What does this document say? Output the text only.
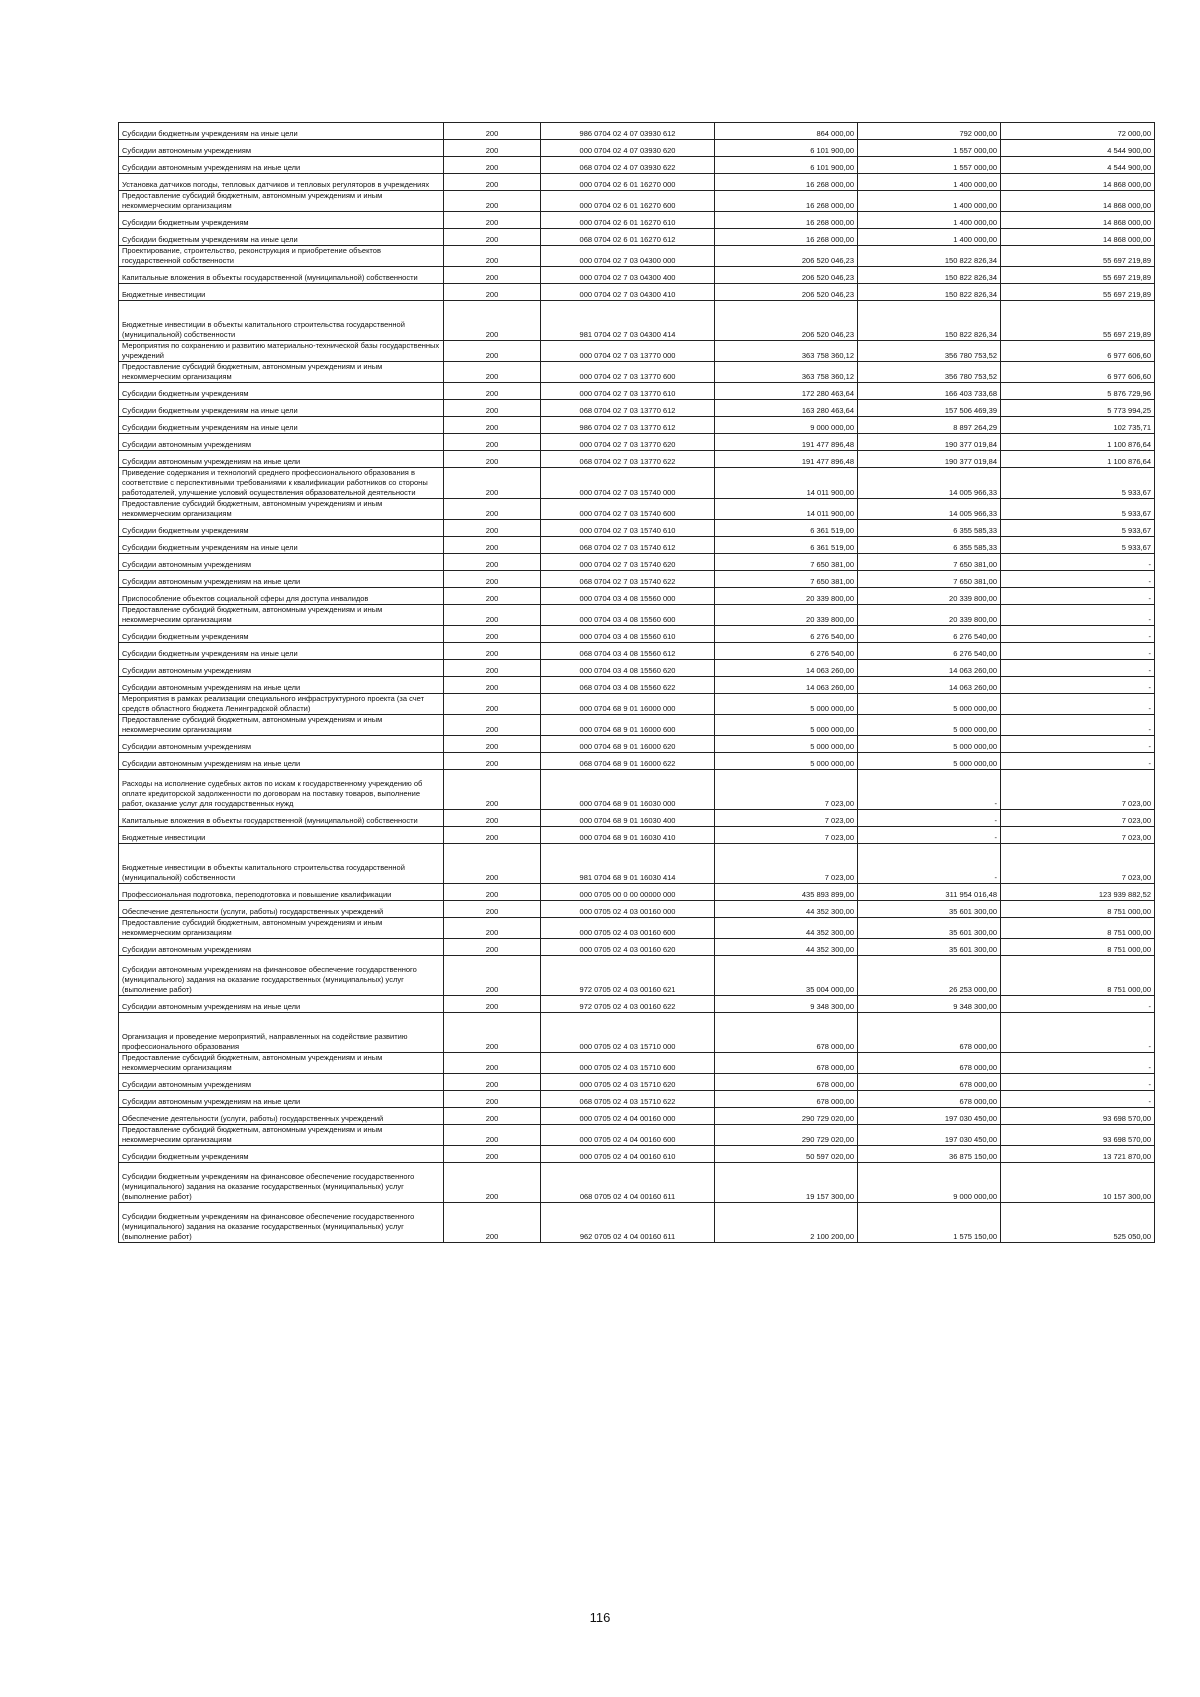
Субсидии бюджетным учреждениям на иные цели	200	986 0704 02 4 07 03930 612	864 000,00	792 000,00	72 000,00
Субсидии автономным учреждениям	200	000 0704 02 4 07 03930 620	6 101 900,00	1 557 000,00	4 544 900,00
Субсидии автономным учреждениям на иные цели	200	068 0704 02 4 07 03930 622	6 101 900,00	1 557 000,00	4 544 900,00
Установка датчиков погоды, тепловых датчиков и тепловых регуляторов в учреждениях	200	000 0704 02 6 01 16270 000	16 268 000,00	1 400 000,00	14 868 000,00
Предоставление субсидий бюджетным, автономным учреждениям и иным некоммерческим организациям	200	000 0704 02 6 01 16270 600	16 268 000,00	1 400 000,00	14 868 000,00
Субсидии бюджетным учреждениям	200	000 0704 02 6 01 16270 610	16 268 000,00	1 400 000,00	14 868 000,00
Субсидии бюджетным учреждениям на иные цели	200	068 0704 02 6 01 16270 612	16 268 000,00	1 400 000,00	14 868 000,00
Проектирование, строительство, реконструкция и приобретение объектов государственной собственности	200	000 0704 02 7 03 04300 000	206 520 046,23	150 822 826,34	55 697 219,89
Капитальные вложения в объекты государственной (муниципальной) собственности	200	000 0704 02 7 03 04300 400	206 520 046,23	150 822 826,34	55 697 219,89
Бюджетные инвестиции	200	000 0704 02 7 03 04300 410	206 520 046,23	150 822 826,34	55 697 219,89
Бюджетные инвестиции в объекты капитального строительства государственной (муниципальной) собственности	200	981 0704 02 7 03 04300 414	206 520 046,23	150 822 826,34	55 697 219,89
Мероприятия по сохранению и развитию материально-технической базы государственных учреждений	200	000 0704 02 7 03 13770 000	363 758 360,12	356 780 753,52	6 977 606,60
Предоставление субсидий бюджетным, автономным учреждениям и иным некоммерческим организациям	200	000 0704 02 7 03 13770 600	363 758 360,12	356 780 753,52	6 977 606,60
Субсидии бюджетным учреждениям	200	000 0704 02 7 03 13770 610	172 280 463,64	166 403 733,68	5 876 729,96
Субсидии бюджетным учреждениям на иные цели	200	068 0704 02 7 03 13770 612	163 280 463,64	157 506 469,39	5 773 994,25
Субсидии бюджетным учреждениям на иные цели	200	986 0704 02 7 03 13770 612	9 000 000,00	8 897 264,29	102 735,71
Субсидии автономным учреждениям	200	000 0704 02 7 03 13770 620	191 477 896,48	190 377 019,84	1 100 876,64
Субсидии автономным учреждениям на иные цели	200	068 0704 02 7 03 13770 622	191 477 896,48	190 377 019,84	1 100 876,64
Приведение содержания и технологий среднего профессионального образования в соответствие с перспективными требованиями к квалификации работников со стороны работодателей, улучшение условий осуществления образовательной деятельности	200	000 0704 02 7 03 15740 000	14 011 900,00	14 005 966,33	5 933,67
Предоставление субсидий бюджетным, автономным учреждениям и иным некоммерческим организациям	200	000 0704 02 7 03 15740 600	14 011 900,00	14 005 966,33	5 933,67
Субсидии бюджетным учреждениям	200	000 0704 02 7 03 15740 610	6 361 519,00	6 355 585,33	5 933,67
Субсидии бюджетным учреждениям на иные цели	200	068 0704 02 7 03 15740 612	6 361 519,00	6 355 585,33	5 933,67
Субсидии автономным учреждениям	200	000 0704 02 7 03 15740 620	7 650 381,00	7 650 381,00	-
Субсидии автономным учреждениям на иные цели	200	068 0704 02 7 03 15740 622	7 650 381,00	7 650 381,00	-
Приспособление объектов социальной сферы для доступа инвалидов	200	000 0704 03 4 08 15560 000	20 339 800,00	20 339 800,00	-
Предоставление субсидий бюджетным, автономным учреждениям и иным некоммерческим организациям	200	000 0704 03 4 08 15560 600	20 339 800,00	20 339 800,00	-
Субсидии бюджетным учреждениям	200	000 0704 03 4 08 15560 610	6 276 540,00	6 276 540,00	-
Субсидии бюджетным учреждениям на иные цели	200	068 0704 03 4 08 15560 612	6 276 540,00	6 276 540,00	-
Субсидии автономным учреждениям	200	000 0704 03 4 08 15560 620	14 063 260,00	14 063 260,00	-
Субсидии автономным учреждениям на иные цели	200	068 0704 03 4 08 15560 622	14 063 260,00	14 063 260,00	-
Мероприятия в рамках реализации специального инфраструктурного проекта (за счет средств областного бюджета Ленинградской области)	200	000 0704 68 9 01 16000 000	5 000 000,00	5 000 000,00	-
Предоставление субсидий бюджетным, автономным учреждениям и иным некоммерческим организациям	200	000 0704 68 9 01 16000 600	5 000 000,00	5 000 000,00	-
Субсидии автономным учреждениям	200	000 0704 68 9 01 16000 620	5 000 000,00	5 000 000,00	-
Субсидии автономным учреждениям на иные цели	200	068 0704 68 9 01 16000 622	5 000 000,00	5 000 000,00	-
Расходы на исполнение судебных актов по искам к государственному учреждению об оплате кредиторской задолженности по договорам на поставку товаров, выполнение работ, оказание услуг для государственных нужд	200	000 0704 68 9 01 16030 000	7 023,00	-	7 023,00
Капитальные вложения в объекты государственной (муниципальной) собственности	200	000 0704 68 9 01 16030 400	7 023,00	-	7 023,00
Бюджетные инвестиции	200	000 0704 68 9 01 16030 410	7 023,00	-	7 023,00
Бюджетные инвестиции в объекты капитального строительства государственной (муниципальной) собственности	200	981 0704 68 9 01 16030 414	7 023,00	-	7 023,00
Профессиональная подготовка, переподготовка и повышение квалификации	200	000 0705 00 0 00 00000 000	435 893 899,00	311 954 016,48	123 939 882,52
Обеспечение деятельности (услуги, работы) государственных учреждений	200	000 0705 02 4 03 00160 000	44 352 300,00	35 601 300,00	8 751 000,00
Предоставление субсидий бюджетным, автономным учреждениям и иным некоммерческим организациям	200	000 0705 02 4 03 00160 600	44 352 300,00	35 601 300,00	8 751 000,00
Субсидии автономным учреждениям	200	000 0705 02 4 03 00160 620	44 352 300,00	35 601 300,00	8 751 000,00
Субсидии автономным учреждениям на финансовое обеспечение государственного (муниципального) задания на оказание государственных (муниципальных) услуг (выполнение работ)	200	972 0705 02 4 03 00160 621	35 004 000,00	26 253 000,00	8 751 000,00
Субсидии автономным учреждениям на иные цели	200	972 0705 02 4 03 00160 622	9 348 300,00	9 348 300,00	-
Организация и проведение мероприятий, направленных на содействие развитию профессионального образования	200	000 0705 02 4 03 15710 000	678 000,00	678 000,00	-
Предоставление субсидий бюджетным, автономным учреждениям и иным некоммерческим организациям	200	000 0705 02 4 03 15710 600	678 000,00	678 000,00	-
Субсидии автономным учреждениям	200	000 0705 02 4 03 15710 620	678 000,00	678 000,00	-
Субсидии автономным учреждениям на иные цели	200	068 0705 02 4 03 15710 622	678 000,00	678 000,00	-
Обеспечение деятельности (услуги, работы) государственных учреждений	200	000 0705 02 4 04 00160 000	290 729 020,00	197 030 450,00	93 698 570,00
Предоставление субсидий бюджетным, автономным учреждениям и иным некоммерческим организациям	200	000 0705 02 4 04 00160 600	290 729 020,00	197 030 450,00	93 698 570,00
Субсидии бюджетным учреждениям	200	000 0705 02 4 04 00160 610	50 597 020,00	36 875 150,00	13 721 870,00
Субсидии бюджетным учреждениям на финансовое обеспечение государственного (муниципального) задания на оказание государственных (муниципальных) услуг (выполнение работ)	200	068 0705 02 4 04 00160 611	19 157 300,00	9 000 000,00	10 157 300,00
Субсидии бюджетным учреждениям на финансовое обеспечение государственного (муниципального) задания на оказание государственных (муниципальных) услуг (выполнение работ)	200	962 0705 02 4 04 00160 611	2 100 200,00	1 575 150,00	525 050,00
116
